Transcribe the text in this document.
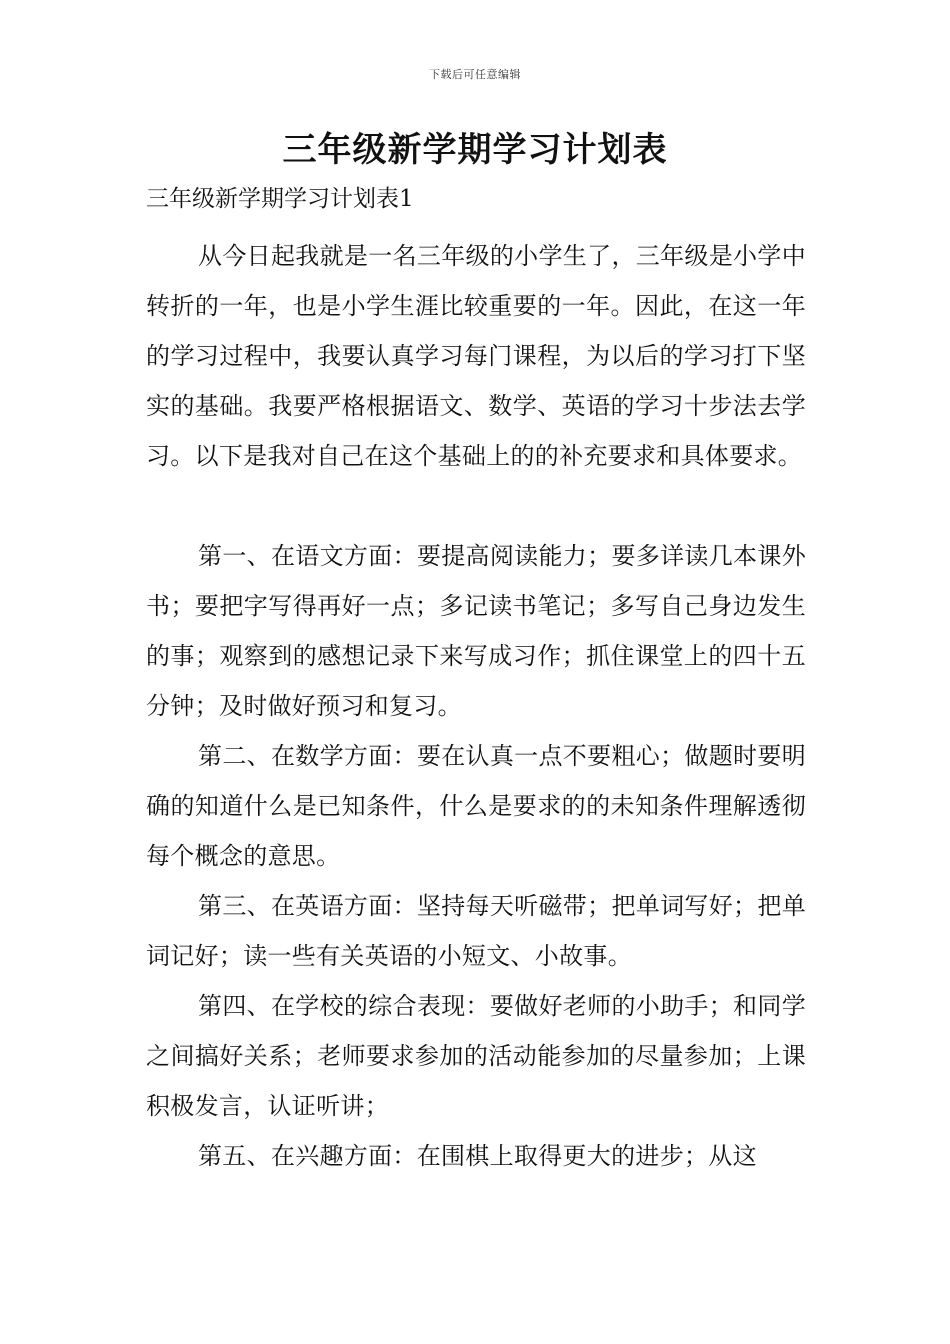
下载后可任意编辑
三年级新学期学习计划表

三年级新学期学习计划表1

从今日起我就是一名三年级的小学生了，三年级是小学中转折的一年，也是小学生涯比较重要的一年。因此，在这一年的学习过程中，我要认真学习每门课程，为以后的学习打下坚实的基础。我要严格根据语文、数学、英语的学习十步法去学习。以下是我对自己在这个基础上的的补充要求和具体要求。

第一、在语文方面：要提高阅读能力；要多详读几本课外书；要把字写得再好一点；多记读书笔记；多写自己身边发生的事；观察到的感想记录下来写成习作；抓住课堂上的四十五分钟；及时做好预习和复习。

第二、在数学方面：要在认真一点不要粗心；做题时要明确的知道什么是已知条件，什么是要求的的未知条件理解透彻每个概念的意思。

第三、在英语方面：坚持每天听磁带；把单词写好；把单词记好；读一些有关英语的小短文、小故事。

第四、在学校的综合表现：要做好老师的小助手；和同学之间搞好关系；老师要求参加的活动能参加的尽量参加；上课积极发言，认证听讲；

第五、在兴趣方面：在围棋上取得更大的进步；从这
